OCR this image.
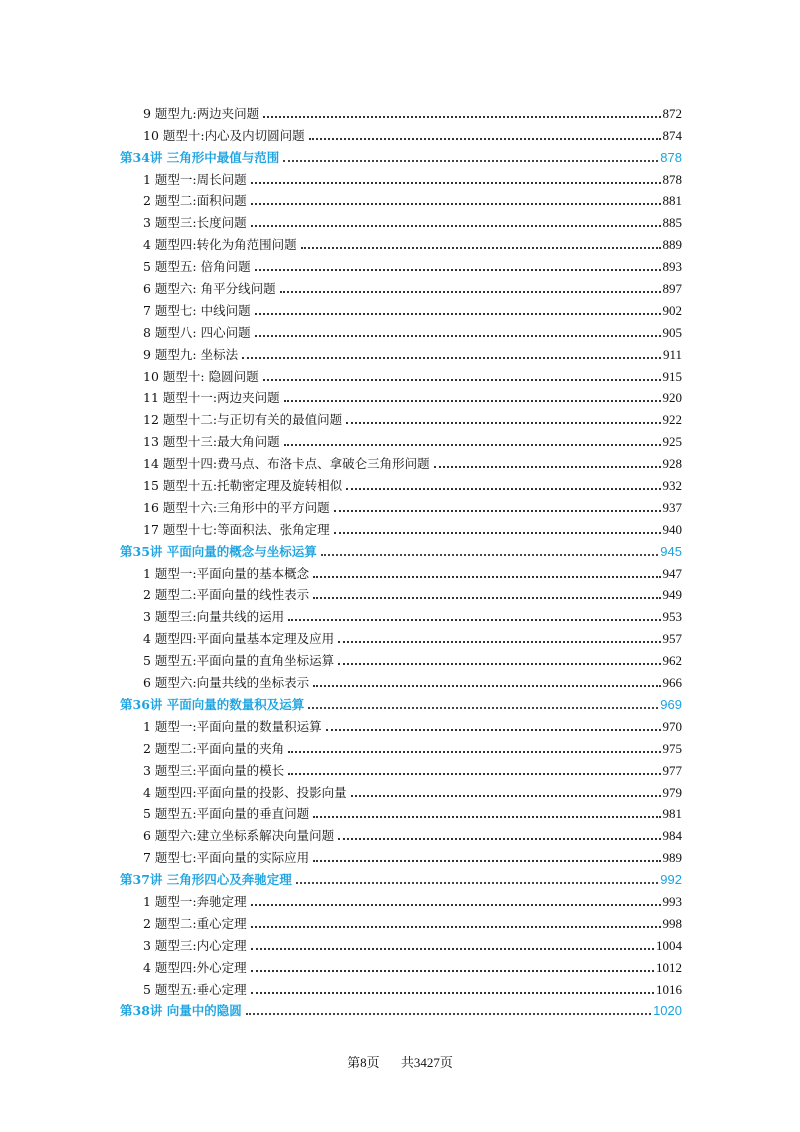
9 题型九:两边夹问题	872
10 题型十:内心及内切圆问题	874
第34讲 三角形中最值与范围	878
1 题型一:周长问题	878
2 题型二:面积问题	881
3 题型三:长度问题	885
4 题型四:转化为角范围问题	889
5 题型五: 倍角问题	893
6 题型六: 角平分线问题	897
7 题型七: 中线问题	902
8 题型八: 四心问题	905
9 题型九: 坐标法	911
10 题型十: 隐圆问题	915
11 题型十一:两边夹问题	920
12 题型十二:与正切有关的最值问题	922
13 题型十三:最大角问题	925
14 题型十四:费马点、布洛卡点、拿破仑三角形问题	928
15 题型十五:托勒密定理及旋转相似	932
16 题型十六:三角形中的平方问题	937
17 题型十七:等面积法、张角定理	940
第35讲 平面向量的概念与坐标运算	945
1 题型一:平面向量的基本概念	947
2 题型二:平面向量的线性表示	949
3 题型三:向量共线的运用	953
4 题型四:平面向量基本定理及应用	957
5 题型五:平面向量的直角坐标运算	962
6 题型六:向量共线的坐标表示	966
第36讲 平面向量的数量积及运算	969
1 题型一:平面向量的数量积运算	970
2 题型二:平面向量的夹角	975
3 题型三:平面向量的模长	977
4 题型四:平面向量的投影、投影向量	979
5 题型五:平面向量的垂直问题	981
6 题型六:建立坐标系解决向量问题	984
7 题型七:平面向量的实际应用	989
第37讲 三角形四心及奔驰定理	992
1 题型一:奔驰定理	993
2 题型二:重心定理	998
3 题型三:内心定理	1004
4 题型四:外心定理	1012
5 题型五:垂心定理	1016
第38讲 向量中的隐圆	1020
第8页 共3427页
